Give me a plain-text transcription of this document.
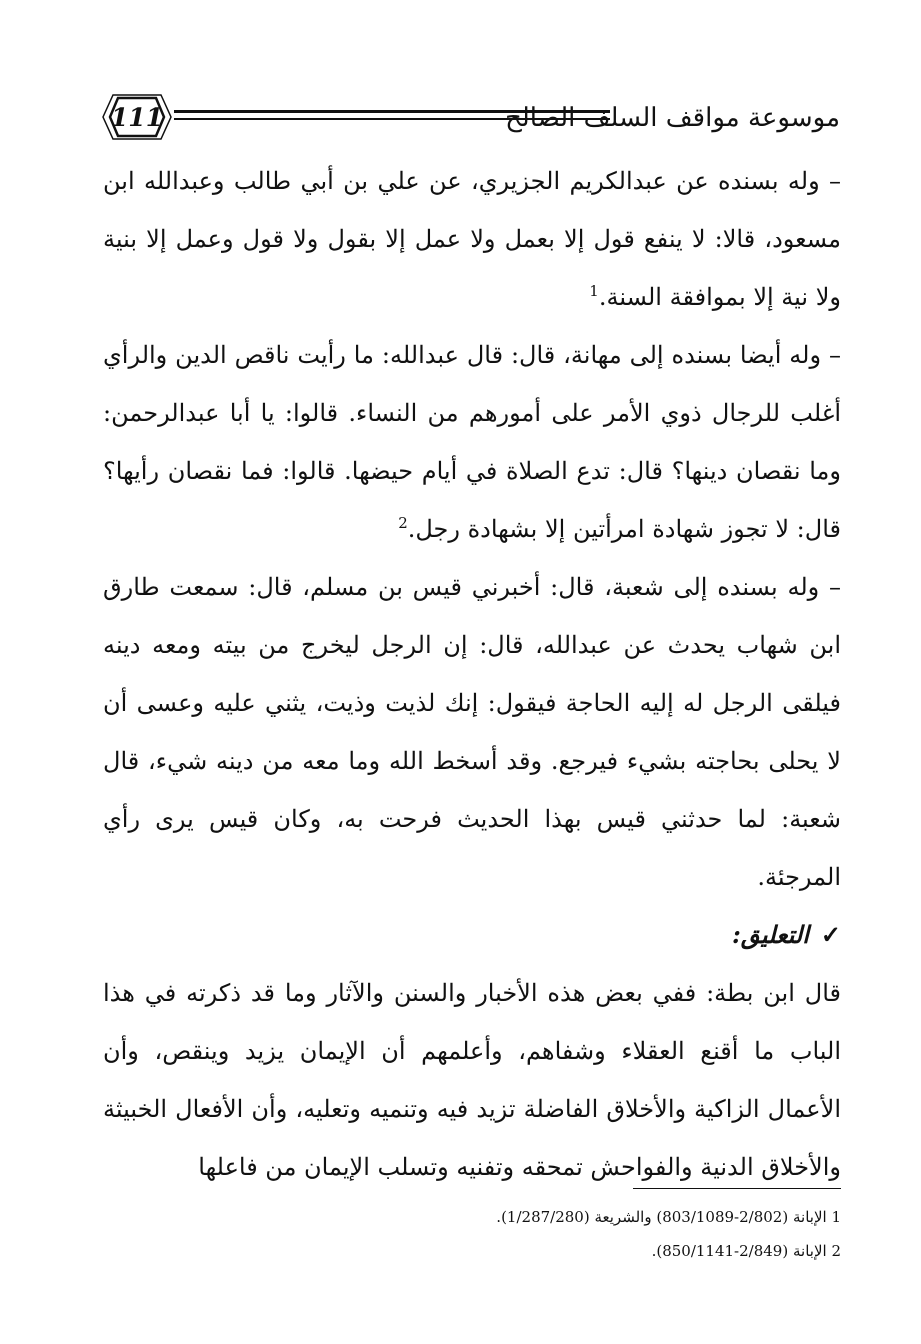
111	موسوعة مواقف السلف الصالح

– وله بسنده عن عبدالكريم الجزيري، عن علي بن أبي طالب وعبدالله ابن مسعود، قالا: لا ينفع قول إلا بعمل ولا عمل إلا بقول ولا قول وعمل إلا بنية ولا نية إلا بموافقة السنة.$^1$

– وله أيضا بسنده إلى مهانة، قال: قال عبدالله: ما رأيت ناقص الدين والرأي أغلب للرجال ذوي الأمر على أمورهم من النساء. قالوا: يا أبا عبدالرحمن: وما نقصان دينها؟ قال: تدع الصلاة في أيام حيضها. قالوا: فما نقصان رأيها؟ قال: لا تجوز شهادة امرأتين إلا بشهادة رجل.$^2$

– وله بسنده إلى شعبة، قال: أخبرني قيس بن مسلم، قال: سمعت طارق ابن شهاب يحدث عن عبدالله، قال: إن الرجل ليخرج من بيته ومعه دينه فيلقى الرجل له إليه الحاجة فيقول: إنك لذيت وذيت، يثني عليه وعسى أن لا يحلى بحاجته بشيء فيرجع. وقد أسخط الله وما معه من دينه شيء، قال شعبة: لما حدثني قيس بهذا الحديث فرحت به، وكان قيس يرى رأي المرجئة.

✓التعليق:

قال ابن بطة: ففي بعض هذه الأخبار والسنن والآثار وما قد ذكرته في هذا الباب ما أقنع العقلاء وشفاهم، وأعلمهم أن الإيمان يزيد وينقص، وأن الأعمال الزاكية والأخلاق الفاضلة تزيد فيه وتنميه وتعليه، وأن الأفعال الخبيثة والأخلاق الدنية والفواحش تمحقه وتفنيه وتسلب الإيمان من فاعلها

1 الإبانة (2/802-803/1089) والشريعة (1/287/280).
2 الإبانة (2/849-850/1141).
